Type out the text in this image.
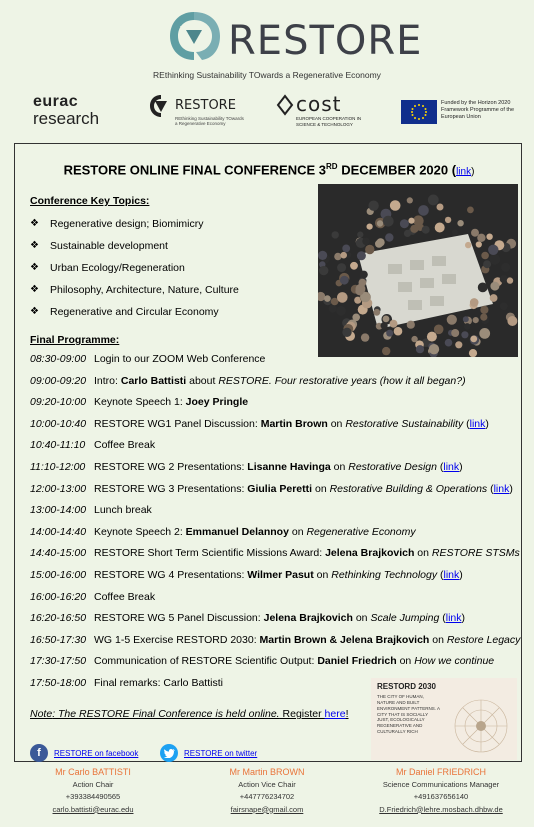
RESTORE
REthinking Sustainability TOwards a Regenerative Economy
eurac
research
RESTORE
REthinking Sustainability TOwards a Regenerative Economy
cost
EUROPEAN COOPERATION IN SCIENCE & TECHNOLOGY
Funded by the Horizon 2020 Framework Programme of the European Union
RESTORE ONLINE FINAL CONFERENCE 3RD DECEMBER 2020 (link)
Conference Key Topics:
❖	Regenerative design; Biomimicry
❖	Sustainable development
❖	Urban Ecology/Regeneration
❖	Philosophy, Architecture, Nature, Culture
❖	Regenerative and Circular Economy
Final Programme:
08:30-09:00 Login to our ZOOM Web Conference
09:00-09:20 Intro: Carlo Battisti about RESTORE. Four restorative years (how it all began?)
09:20-10:00 Keynote Speech 1: Joey Pringle
10:00-10:40 RESTORE WG1 Panel Discussion: Martin Brown on Restorative Sustainability (link)
10:40-11:10 Coffee Break
11:10-12:00 RESTORE WG 2 Presentations: Lisanne Havinga on Restorative Design (link)
12:00-13:00 RESTORE WG 3 Presentations: Giulia Peretti on Restorative Building & Operations (link)
13:00-14:00 Lunch break
14:00-14:40 Keynote Speech 2: Emmanuel Delannoy on Regenerative Economy
14:40-15:00 RESTORE Short Term Scientific Missions Award: Jelena Brajkovich on RESTORE STSMs
15:00-16:00 RESTORE WG 4 Presentations: Wilmer Pasut on Rethinking Technology (link)
16:00-16:20 Coffee Break
16:20-16:50 RESTORE WG 5 Panel Discussion: Jelena Brajkovich on Scale Jumping (link)
16:50-17:30 WG 1-5 Exercise RESTORD 2030: Martin Brown & Jelena Brajkovich on Restore Legacy
17:30-17:50 Communication of RESTORE Scientific Output: Daniel Friedrich on How we continue
17:50-18:00 Final remarks: Carlo Battisti	RESTORD 2030
THE CITY OF HUMAN, NATURE AND BUILT ENVIRONMENT PATTERNS. A CITY THAT IS SOCIALLY JUST, ECOLOGICALLY REGENERATIVE AND CULTURALLY RICH
Note: The RESTORE Final Conference is held online. Register here!
f	RESTORE on facebook	RESTORE on twitter
Mr Carlo BATTISTI
Action Chair
+393384490565
carlo.battisti@eurac.edu
Mr Martin BROWN
Action Vice Chair
+447776234702
fairsnape@gmail.com
Mr Daniel FRIEDRICH
Science Communications Manager
+491637656140
D.Friedrich@lehre.mosbach.dhbw.de
